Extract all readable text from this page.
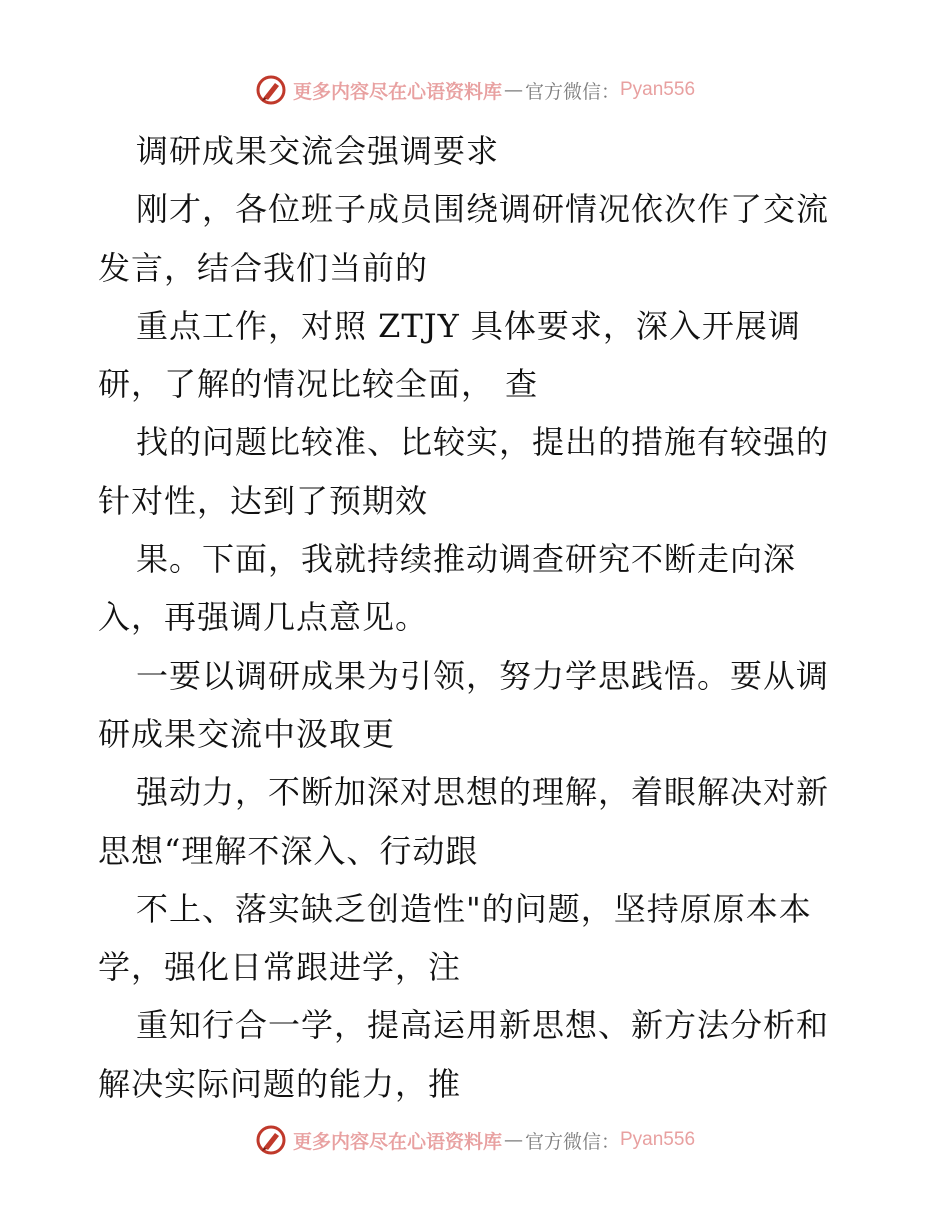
更多内容尽在心语资料库 — 官方微信： Pyan556
调研成果交流会强调要求
刚才，各位班子成员围绕调研情况依次作了交流
发言，结合我们当前的
重点工作，对照 ZTJY 具体要求，深入开展调
研，了解的情况比较全面， 查
找的问题比较准、比较实，提出的措施有较强的
针对性，达到了预期效
果。下面，我就持续推动调查研究不断走向深
入，再强调几点意见。
一要以调研成果为引领，努力学思践悟。要从调
研成果交流中汲取更
强动力，不断加深对思想的理解，着眼解决对新
思想“理解不深入、行动跟
不上、落实缺乏创造性"的问题，坚持原原本本
学，强化日常跟进学，注
重知行合一学，提高运用新思想、新方法分析和
解决实际问题的能力，推
更多内容尽在心语资料库 — 官方微信： Pyan556
